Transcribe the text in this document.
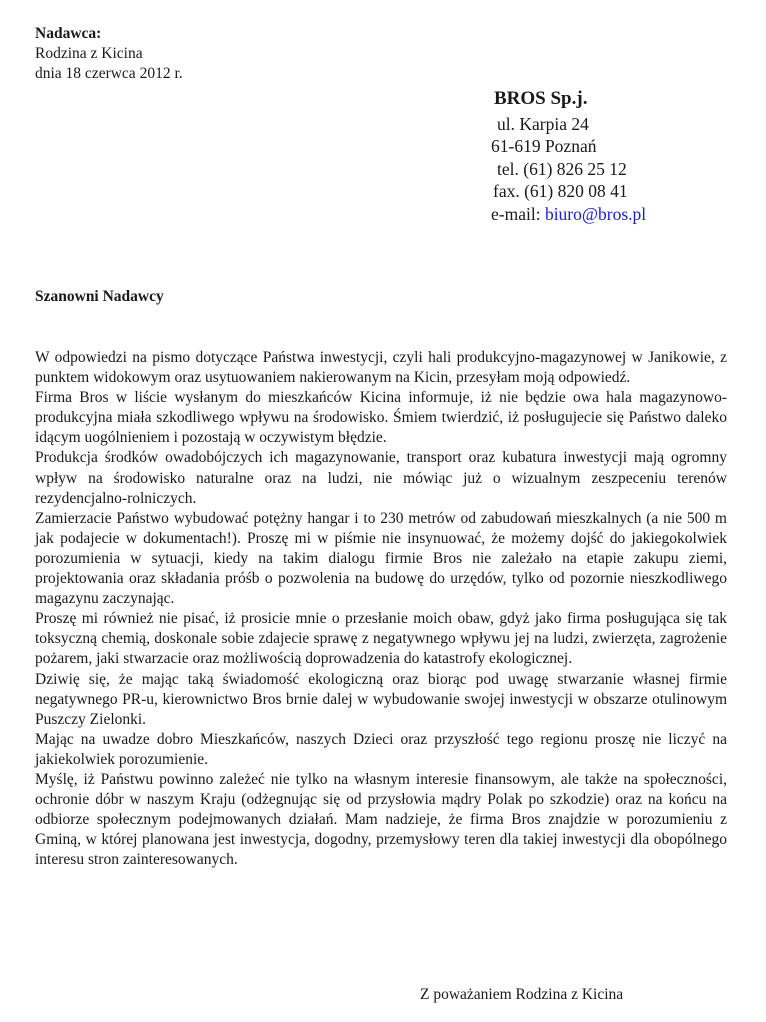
Nadawca:
Rodzina z Kicina
dnia 18 czerwca 2012 r.
BROS Sp.j.
ul. Karpia 24
61-619 Poznań
tel. (61) 826 25 12
fax. (61) 820 08 41
e-mail: biuro@bros.pl
Szanowni Nadawcy

W odpowiedzi na pismo dotyczące Państwa inwestycji, czyli hali produkcyjno-magazynowej w Janikowie, z punktem widokowym oraz usytuowaniem nakierowanym na Kicin, przesyłam moją odpowiedź.

Firma Bros w liście wysłanym do mieszkańców Kicina informuje, iż nie będzie owa hala magazynowo-produkcyjna miała szkodliwego wpływu na środowisko. Śmiem twierdzić, iż posługujecie się Państwo daleko idącym uogólnieniem i pozostają w oczywistym błędzie.

Produkcja środków owadobójczych ich magazynowanie, transport oraz kubatura inwestycji mają ogromny wpływ na środowisko naturalne oraz na ludzi, nie mówiąc już o wizualnym zeszpeceniu terenów rezydencjalno-rolniczych.

Zamierzacie Państwo wybudować potężny hangar i to 230 metrów od zabudowań mieszkalnych (a nie 500 m jak podajecie w dokumentach!). Proszę mi w piśmie nie insynuować, że możemy dojść do jakiegokolwiek porozumienia w sytuacji, kiedy na takim dialogu firmie Bros nie zależało na etapie zakupu ziemi, projektowania oraz składania próśb o pozwolenia na budowę do urzędów, tylko od pozornie nieszkodliwego magazynu zaczynając.

Proszę mi również nie pisać, iż prosicie mnie o przesłanie moich obaw, gdyż jako firma posługująca się tak toksyczną chemią, doskonale sobie zdajecie sprawę z negatywnego wpływu jej na ludzi, zwierzęta, zagrożenie pożarem, jaki stwarzacie oraz możliwością doprowadzenia do katastrofy ekologicznej.

Dziwię się, że mając taką świadomość ekologiczną oraz biorąc pod uwagę stwarzanie własnej firmie negatywnego PR-u, kierownictwo Bros brnie dalej w wybudowanie swojej inwestycji w obszarze otulinowym Puszczy Zielonki.

Mając na uwadze dobro Mieszkańców, naszych Dzieci oraz przyszłość tego regionu proszę nie liczyć na jakiekolwiek porozumienie.

Myślę, iż Państwu powinno zależeć nie tylko na własnym interesie finansowym, ale także na społeczności, ochronie dóbr w naszym Kraju (odżegnując się od przysłowia mądry Polak po szkodzie) oraz na końcu na odbiorze społecznym podejmowanych działań. Mam nadzieje, że firma Bros znajdzie w porozumieniu z Gminą, w której planowana jest inwestycja, dogodny, przemysłowy teren dla takiej inwestycji dla obopólnego interesu stron zainteresowanych.

Z poważaniem Rodzina z Kicina
